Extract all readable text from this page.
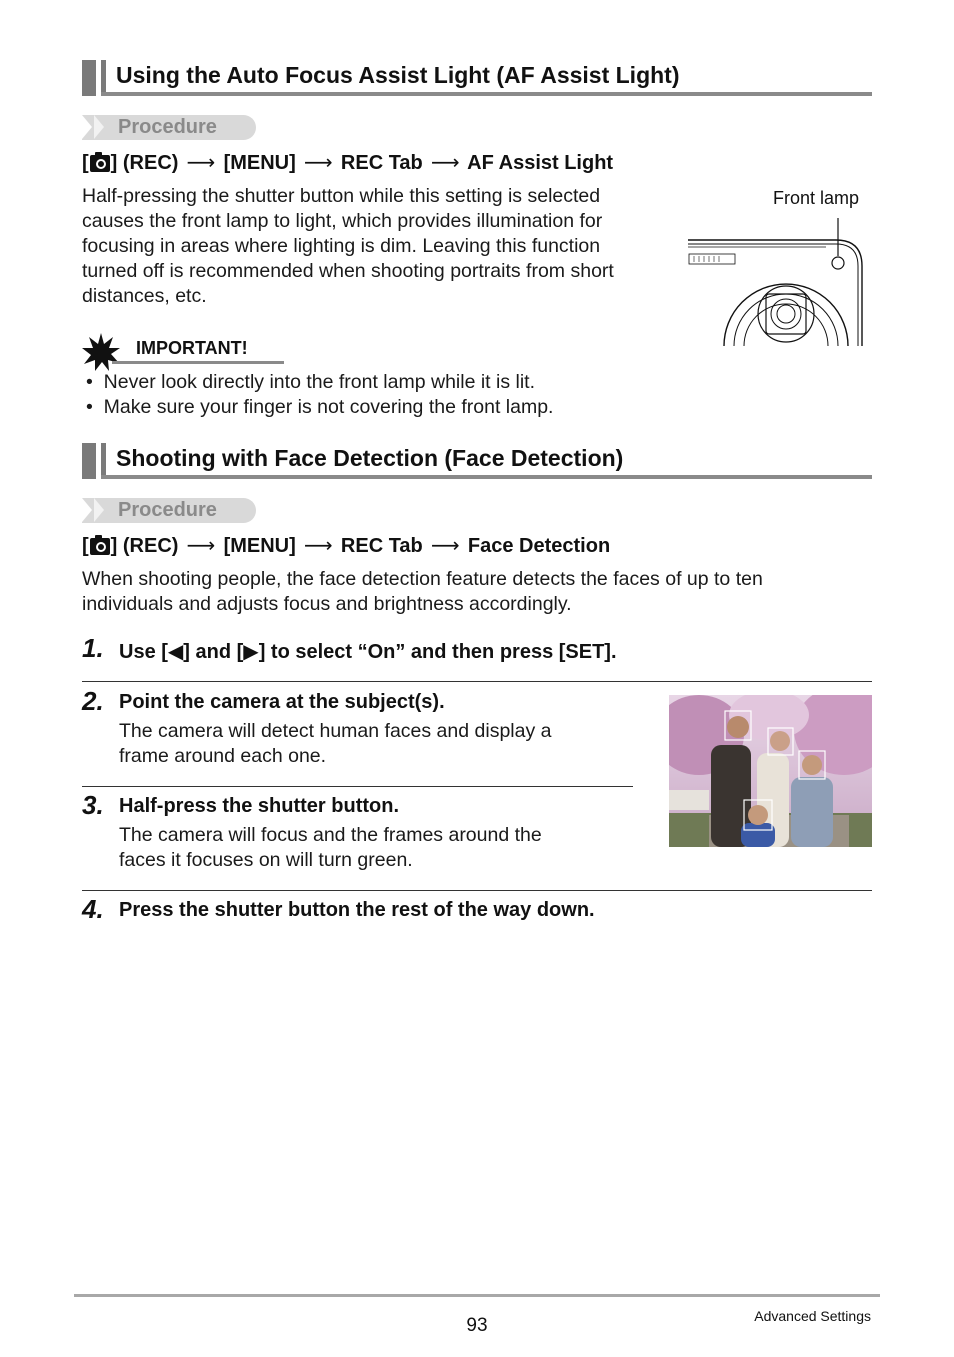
Using the Auto Focus Assist Light (AF Assist Light)
Procedure
[ ] (REC) ⟶ [MENU] ⟶ REC Tab ⟶ AF Assist Light
Half-pressing the shutter button while this setting is selected
causes the front lamp to light, which provides illumination for
focusing in areas where lighting is dim. Leaving this function
turned off is recommended when shooting portraits from short
distances, etc.
Front lamp
IMPORTANT!
•  Never look directly into the front lamp while it is lit.
•  Make sure your finger is not covering the front lamp.
Shooting with Face Detection (Face Detection)
Procedure
[ ] (REC) ⟶ [MENU] ⟶ REC Tab ⟶ Face Detection
When shooting people, the face detection feature detects the faces of up to ten
individuals and adjusts focus and brightness accordingly.
1. Use [◀] and [▶] to select “On” and then press [SET].
2. Point the camera at the subject(s).
The camera will detect human faces and display a
frame around each one.
3. Half-press the shutter button.
The camera will focus and the frames around the
faces it focuses on will turn green.
4. Press the shutter button the rest of the way down.
93	Advanced Settings
